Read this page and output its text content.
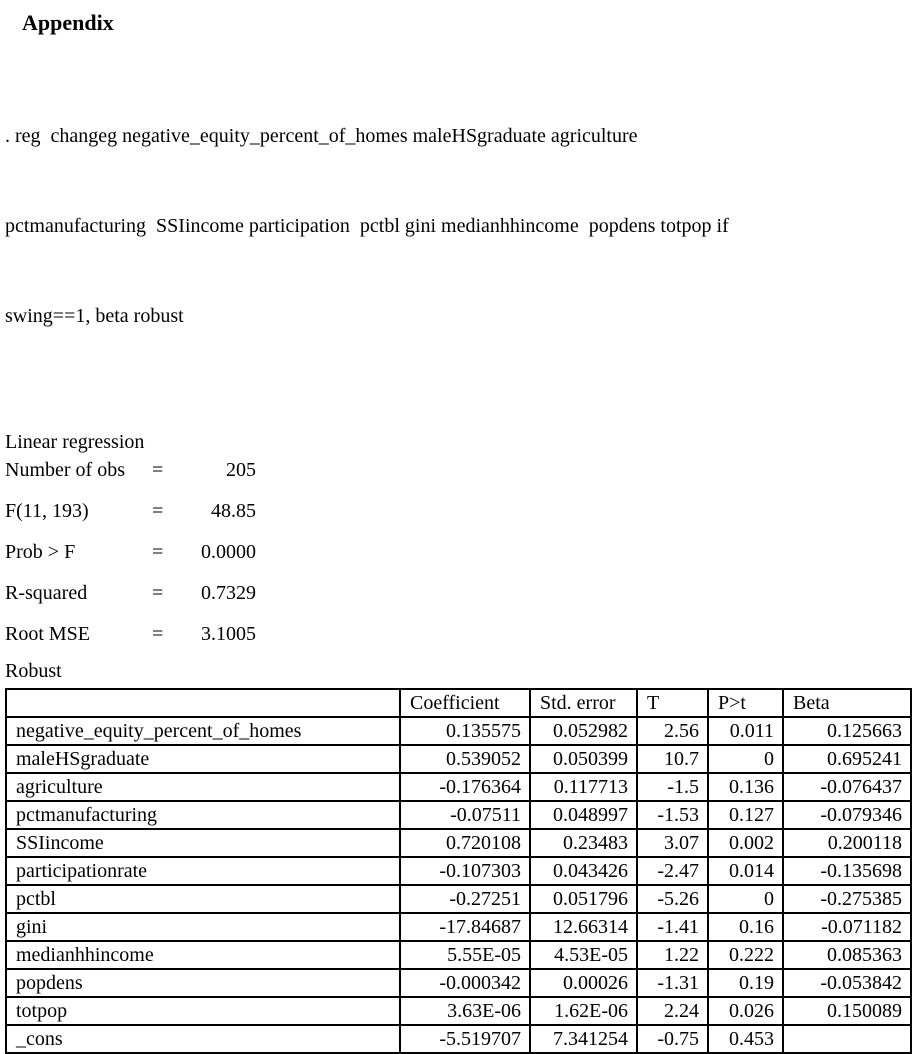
Appendix

. reg  changeg negative_equity_percent_of_homes maleHSgraduate agriculture

pctmanufacturing  SSIincome participation  pctbl gini medianhhincome  popdens totpop if

swing==1, beta robust

Linear regression
Number of obs =	205
F(11, 193)	= 48.85
Prob > F	= 0.0000
R-squared	= 0.7329
Root MSE	= 3.1005
Robust
	Coefficient	Std. error	T	P>t	Beta
negative_equity_percent_of_homes	0.135575	0.052982	2.56	0.011	0.125663
maleHSgraduate	0.539052	0.050399	10.7	0	0.695241
agriculture	-0.176364	0.117713	-1.5	0.136	-0.076437
pctmanufacturing	-0.07511	0.048997	-1.53	0.127	-0.079346
SSIincome	0.720108	0.23483	3.07	0.002	0.200118
participationrate	-0.107303	0.043426	-2.47	0.014	-0.135698
pctbl	-0.27251	0.051796	-5.26	0	-0.275385
gini	-17.84687	12.66314	-1.41	0.16	-0.071182
medianhhincome	5.55E-05	4.53E-05	1.22	0.222	0.085363
popdens	-0.000342	0.00026	-1.31	0.19	-0.053842
totpop	3.63E-06	1.62E-06	2.24	0.026	0.150089
_cons	-5.519707	7.341254	-0.75	0.453	
